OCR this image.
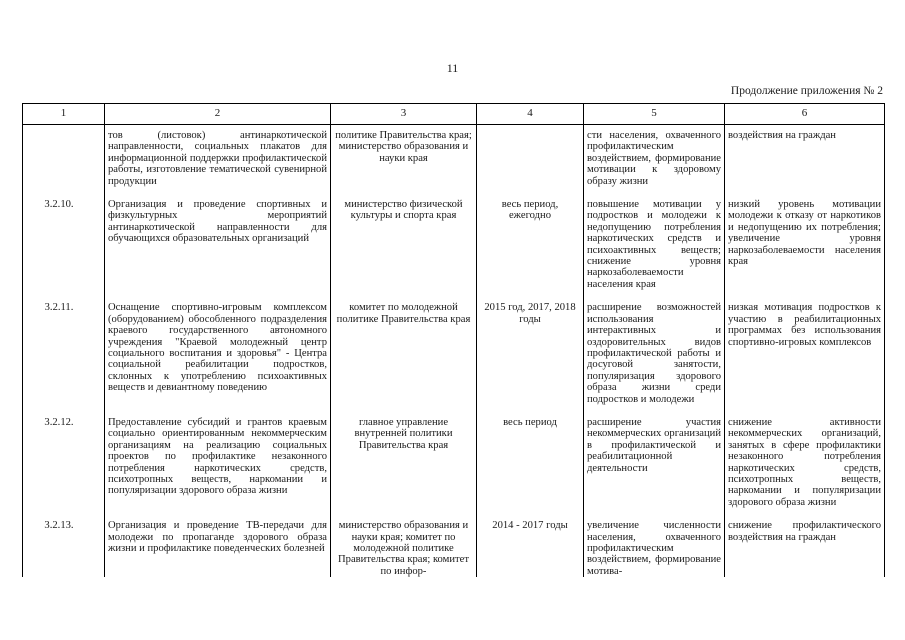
11
Продолжение приложения № 2
1	2	3	4	5	6
	тов (листовок) антинаркотической направленности, социальных плакатов для информационной поддержки профилактической работы, изготовление тематической сувенирной продукции	политике Правительства края; министерство образования и науки края		сти населения, охваченного профилактическим воздействием, формирование мотивации к здоровому образу жизни	воздействия на граждан

3.2.10.	Организация и проведение спортивных и физкультурных мероприятий антинаркотической направленности для обучающихся образовательных организаций	министерство физической культуры и спорта края	весь период, ежегодно	повышение мотивации у подростков и молодежи к недопущению потребления наркотических средств и психоактивных веществ; снижение уровня наркозаболеваемости населения края	низкий уровень мотивации молодежи к отказу от наркотиков и недопущению их потребления; увеличение уровня наркозаболеваемости населения края

3.2.11.	Оснащение спортивно-игровым комплексом (оборудованием) обособленного подразделения краевого государственного автономного учреждения "Краевой молодежный центр социального воспитания и здоровья" - Центра социальной реабилитации подростков, склонных к употреблению психоактивных веществ и девиантному поведению	комитет по молодежной политике Правительства края	2015 год, 2017, 2018 годы	расширение возможностей использования интерактивных и оздоровительных видов профилактической работы и досуговой занятости, популяризация здорового образа жизни среди подростков и молодежи	низкая мотивация подростков к участию в реабилитационных программах без использования спортивно-игровых комплексов

3.2.12.	Предоставление субсидий и грантов краевым социально ориентированным некоммерческим организациям на реализацию социальных проектов по профилактике незаконного потребления наркотических средств, психотропных веществ, наркомании и популяризации здорового образа жизни	главное управление внутренней политики Правительства края	весь период	расширение участия некоммерческих организаций в профилактической и реабилитационной деятельности	снижение активности некоммерческих организаций, занятых в сфере профилактики незаконного потребления наркотических средств, психотропных веществ, наркомании и популяризации здорового образа жизни

3.2.13.	Организация и проведение ТВ-передачи для молодежи по пропаганде здорового образа жизни и профилактике поведенческих болезней	министерство образования и науки края; комитет по молодежной политике Правительства края; комитет по инфор-	2014 - 2017 годы	увеличение численности населения, охваченного профилактическим воздействием, формирование мотива-	снижение профилактического воздействия на граждан
